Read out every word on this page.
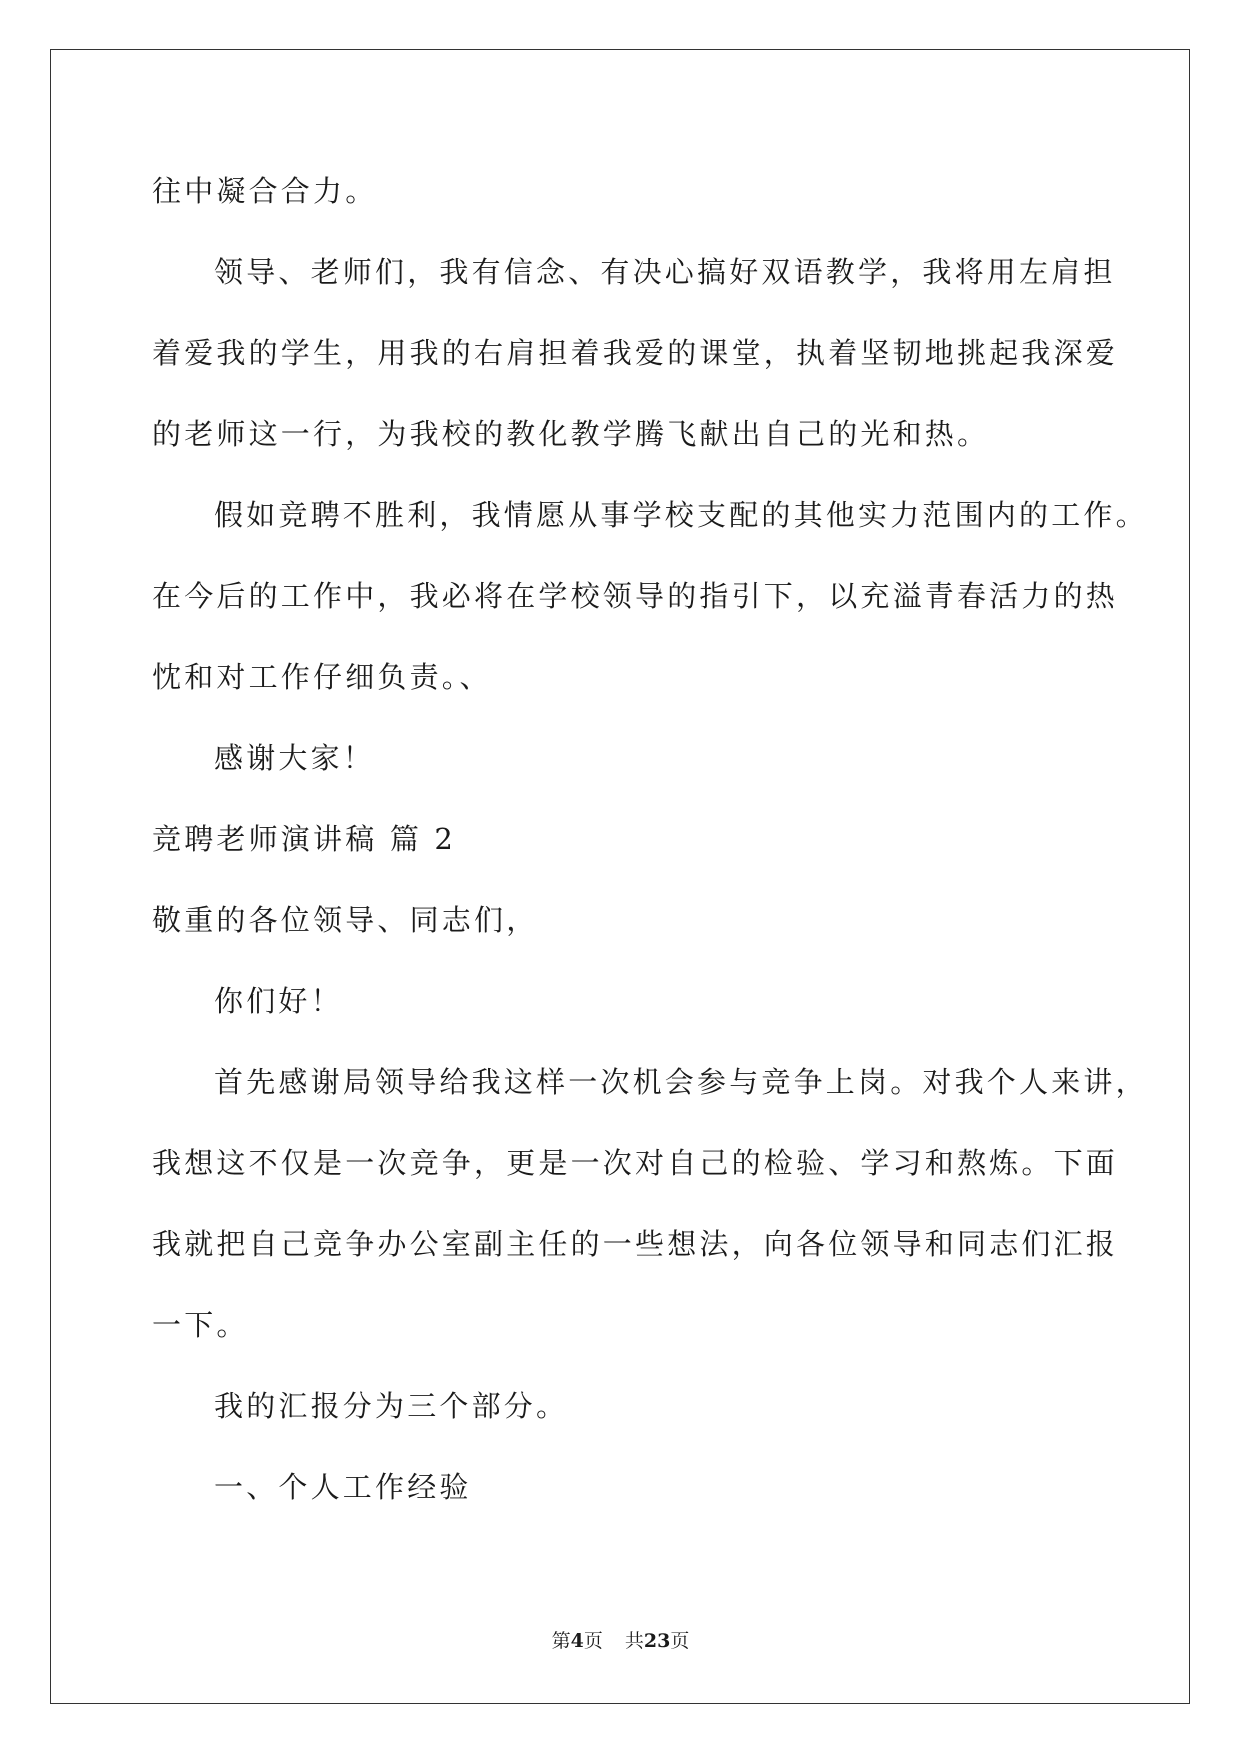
往中凝合合力。
领导、老师们，我有信念、有决心搞好双语教学，我将用左肩担
着爱我的学生，用我的右肩担着我爱的课堂，执着坚韧地挑起我深爱
的老师这一行，为我校的教化教学腾飞献出自己的光和热。
假如竞聘不胜利，我情愿从事学校支配的其他实力范围内的工作。
在今后的工作中，我必将在学校领导的指引下，以充溢青春活力的热
忱和对工作仔细负责。、
感谢大家！
竞聘老师演讲稿 篇 2
敬重的各位领导、同志们，
你们好！
首先感谢局领导给我这样一次机会参与竞争上岗。对我个人来讲，
我想这不仅是一次竞争，更是一次对自己的检验、学习和熬炼。下面
我就把自己竞争办公室副主任的一些想法，向各位领导和同志们汇报
一下。
我的汇报分为三个部分。
一、个人工作经验
第4页 共23页
